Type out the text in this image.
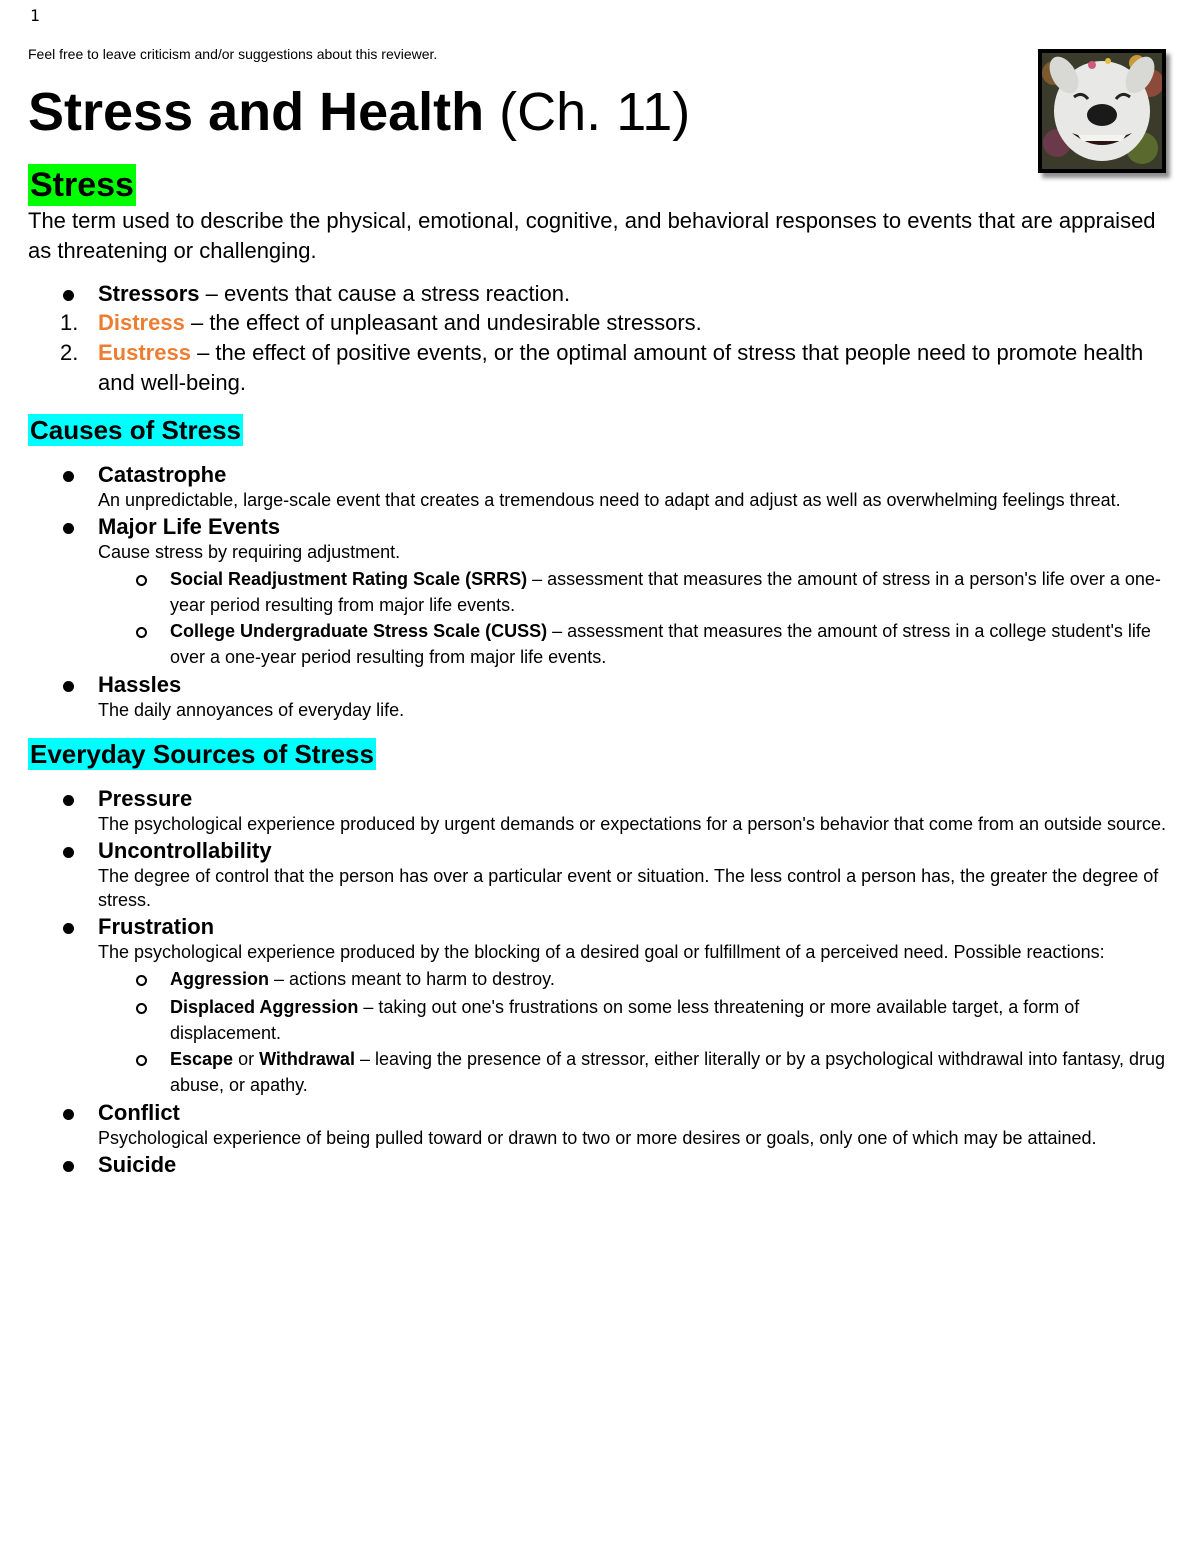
1
Feel free to leave criticism and/or suggestions about this reviewer.
Stress and Health (Ch. 11)
Stress

The term used to describe the physical, emotional, cognitive, and behavioral responses to events that are appraised as threatening or challenging.

Stressors – events that cause a stress reaction.
1. Distress – the effect of unpleasant and undesirable stressors.
2. Eustress – the effect of positive events, or the optimal amount of stress that people need to promote health and well-being.
Causes of Stress
Catastrophe
An unpredictable, large-scale event that creates a tremendous need to adapt and adjust as well as overwhelming feelings threat.
Major Life Events
Cause stress by requiring adjustment.
Social Readjustment Rating Scale (SRRS) – assessment that measures the amount of stress in a person's life over a one-year period resulting from major life events.
College Undergraduate Stress Scale (CUSS) – assessment that measures the amount of stress in a college student's life over a one-year period resulting from major life events.
Hassles
The daily annoyances of everyday life.
Everyday Sources of Stress
Pressure
The psychological experience produced by urgent demands or expectations for a person's behavior that come from an outside source.
Uncontrollability
The degree of control that the person has over a particular event or situation. The less control a person has, the greater the degree of stress.
Frustration
The psychological experience produced by the blocking of a desired goal or fulfillment of a perceived need. Possible reactions:
Aggression – actions meant to harm to destroy.
Displaced Aggression – taking out one's frustrations on some less threatening or more available target, a form of displacement.
Escape or Withdrawal – leaving the presence of a stressor, either literally or by a psychological withdrawal into fantasy, drug abuse, or apathy.
Conflict
Psychological experience of being pulled toward or drawn to two or more desires or goals, only one of which may be attained.
Suicide
